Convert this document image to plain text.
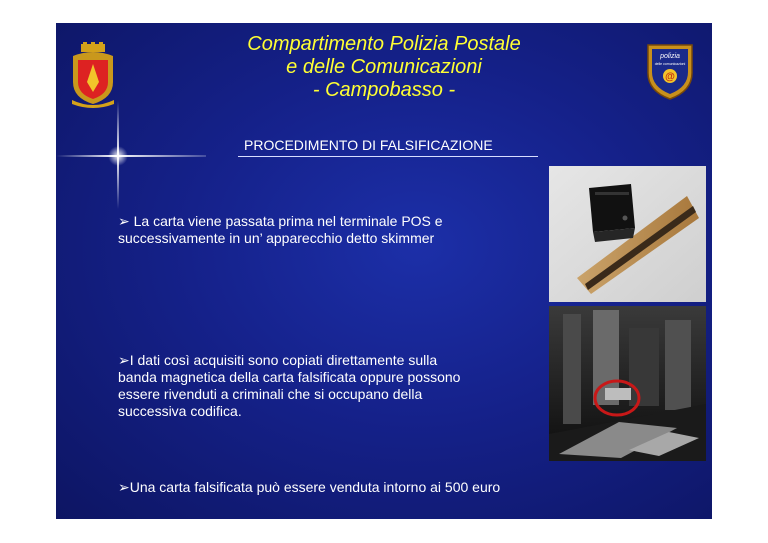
polizia
delle comunicazioni
@
Compartimento Polizia Postale
e delle Comunicazioni
- Campobasso -
PROCEDIMENTO DI FALSIFICAZIONE
➢ La carta viene passata prima nel terminale POS e
successivamente in un’ apparecchio detto skimmer
➢I dati così acquisiti sono copiati direttamente sulla
banda magnetica della carta falsificata oppure possono
essere rivenduti a criminali che si occupano della
successiva codifica.
➢Una carta falsificata può essere venduta intorno ai 500 euro
